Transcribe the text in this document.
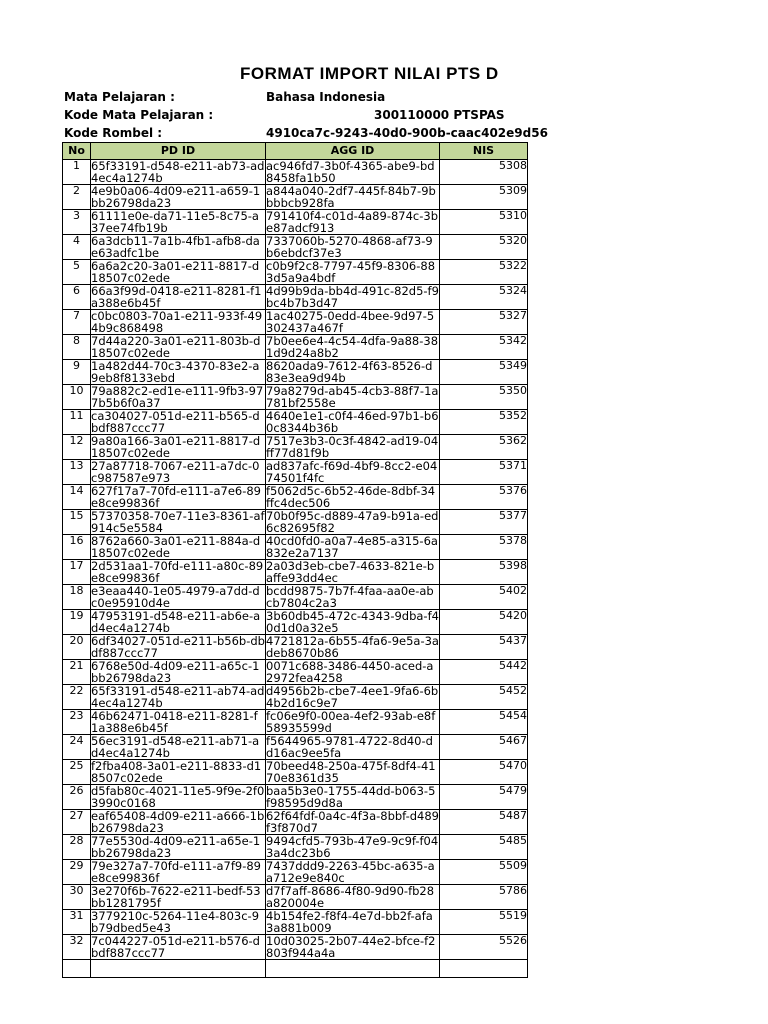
FORMAT IMPORT NILAI PTS D
Mata Pelajaran :	Bahasa Indonesia
Kode Mata Pelajaran :	300110000 PTSPAS
Kode Rombel :	4910ca7c-9243-40d0-900b-caac402e9d56
No	PD ID	AGG ID	NIS
1	65f33191-d548-e211-ab73-ad4ec4a1274b	ac946fd7-3b0f-4365-abe9-bd8458fa1b50	5308
2	4e9b0a06-4d09-e211-a659-1bb26798da23	a844a040-2df7-445f-84b7-9bbbbcb928fa	5309
3	61111e0e-da71-11e5-8c75-a37ee74fb19b	791410f4-c01d-4a89-874c-3be87adcf913	5310
4	6a3dcb11-7a1b-4fb1-afb8-dae63adfc1be	7337060b-5270-4868-af73-9b6ebdcf37e3	5320
5	6a6a2c20-3a01-e211-8817-d18507c02ede	c0b9f2c8-7797-45f9-8306-883d5a9a4bdf	5322
6	66a3f99d-0418-e211-8281-f1a388e6b45f	4d99b9da-bb4d-491c-82d5-f9bc4b7b3d47	5324
7	c0bc0803-70a1-e211-933f-494b9c868498	1ac40275-0edd-4bee-9d97-5302437a467f	5327
8	7d44a220-3a01-e211-803b-d18507c02ede	7b0ee6e4-4c54-4dfa-9a88-381d9d24a8b2	5342
9	1a482d44-70c3-4370-83e2-a9eb8f8133ebd	8620ada9-7612-4f63-8526-d83e3ea9d94b	5349
10	79a882c2-ed1e-e111-9fb3-977b5b6f0a37	79a8279d-ab45-4cb3-88f7-1a781bf2558e	5350
11	ca304027-051d-e211-b565-dbdf887ccc77	4640e1e1-c0f4-46ed-97b1-b60c8344b36b	5352
12	9a80a166-3a01-e211-8817-d18507c02ede	7517e3b3-0c3f-4842-ad19-04ff77d81f9b	5362
13	27a87718-7067-e211-a7dc-0c987587e973	ad837afc-f69d-4bf9-8cc2-e0474501f4fc	5371
14	627f17a7-70fd-e111-a7e6-89e8ce99836f	f5062d5c-6b52-46de-8dbf-34ffc4dec506	5376
15	57370358-70e7-11e3-8361-af914c5e5584	70b0f95c-d889-47a9-b91a-ed6c82695f82	5377
16	8762a660-3a01-e211-884a-d18507c02ede	40cd0fd0-a0a7-4e85-a315-6a832e2a7137	5378
17	2d531aa1-70fd-e111-a80c-89e8ce99836f	2a03d3eb-cbe7-4633-821e-baffe93dd4ec	5398
18	e3eaa440-1e05-4979-a7dd-dc0e95910d4e	bcdd9875-7b7f-4faa-aa0e-abcb7804c2a3	5402
19	47953191-d548-e211-ab6e-ad4ec4a1274b	3b60db45-472c-4343-9dba-f40d1d0a32e5	5420
20	6df34027-051d-e211-b56b-dbdf887ccc77	4721812a-6b55-4fa6-9e5a-3adeb8670b86	5437
21	6768e50d-4d09-e211-a65c-1bb26798da23	0071c688-3486-4450-aced-a2972fea4258	5442
22	65f33191-d548-e211-ab74-ad4ec4a1274b	d4956b2b-cbe7-4ee1-9fa6-6b4b2d16c9e7	5452
23	46b62471-0418-e211-8281-f1a388e6b45f	fc06e9f0-00ea-4ef2-93ab-e8f58935599d	5454
24	56ec3191-d548-e211-ab71-ad4ec4a1274b	f5644965-9781-4722-8d40-dd16ac9ee5fa	5467
25	f2fba408-3a01-e211-8833-d18507c02ede	70beed48-250a-475f-8df4-4170e8361d35	5470
26	d5fab80c-4021-11e5-9f9e-2f03990c0168	baa5b3e0-1755-44dd-b063-5f98595d9d8a	5479
27	eaf65408-4d09-e211-a666-1bb26798da23	62f64fdf-0a4c-4f3a-8bbf-d489f3f870d7	5487
28	77e5530d-4d09-e211-a65e-1bb26798da23	9494cfd5-793b-47e9-9c9f-f043a4dc23b6	5485
29	79e327a7-70fd-e111-a7f9-89e8ce99836f	7437ddd9-2263-45bc-a635-aa712e9e840c	5509
30	3e270f6b-7622-e211-bedf-53bb1281795f	d7f7aff-8686-4f80-9d90-fb28a820004e	5786
31	3779210c-5264-11e4-803c-9b79dbed5e43	4b154fe2-f8f4-4e7d-bb2f-afa3a881b009	5519
32	7c044227-051d-e211-b576-dbdf887ccc77	10d03025-2b07-44e2-bfce-f2803f944a4a	5526
